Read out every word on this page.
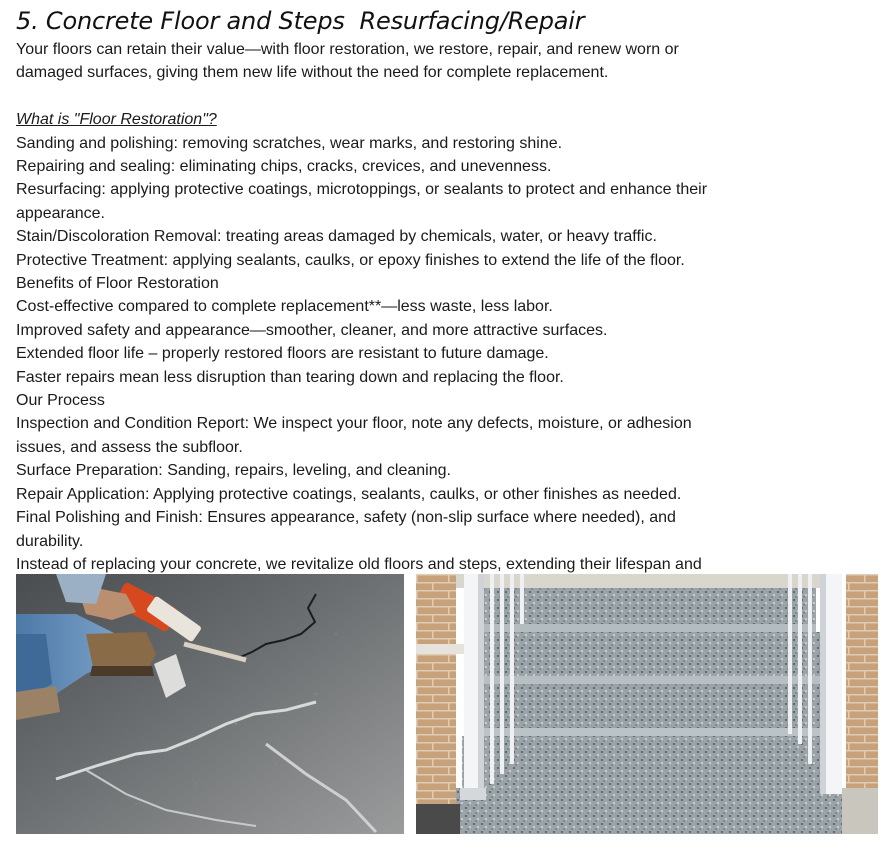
5. Concrete Floor and Steps  Resurfacing/Repair

Your floors can retain their value—with floor restoration, we restore, repair, and renew worn or damaged surfaces, giving them new life without the need for complete replacement.

What is "Floor Restoration"?

Sanding and polishing: removing scratches, wear marks, and restoring shine.

Repairing and sealing: eliminating chips, cracks, crevices, and unevenness.

Resurfacing: applying protective coatings, microtoppings, or sealants to protect and enhance their appearance.

Stain/Discoloration Removal: treating areas damaged by chemicals, water, or heavy traffic.

Protective Treatment: applying sealants, caulks, or epoxy finishes to extend the life of the floor.

Benefits of Floor Restoration

Cost-effective compared to complete replacement**—less waste, less labor.

Improved safety and appearance—smoother, cleaner, and more attractive surfaces.

Extended floor life – properly restored floors are resistant to future damage.

Faster repairs mean less disruption than tearing down and replacing the floor.

Our Process

Inspection and Condition Report: We inspect your floor, note any defects, moisture, or adhesion issues, and assess the subfloor.

Surface Preparation: Sanding, repairs, leveling, and cleaning.

Repair Application: Applying protective coatings, sealants, caulks, or other finishes as needed.

Final Polishing and Finish: Ensures appearance, safety (non-slip surface where needed), and durability.

Instead of replacing your concrete, we revitalize old floors and steps, extending their lifespan and
